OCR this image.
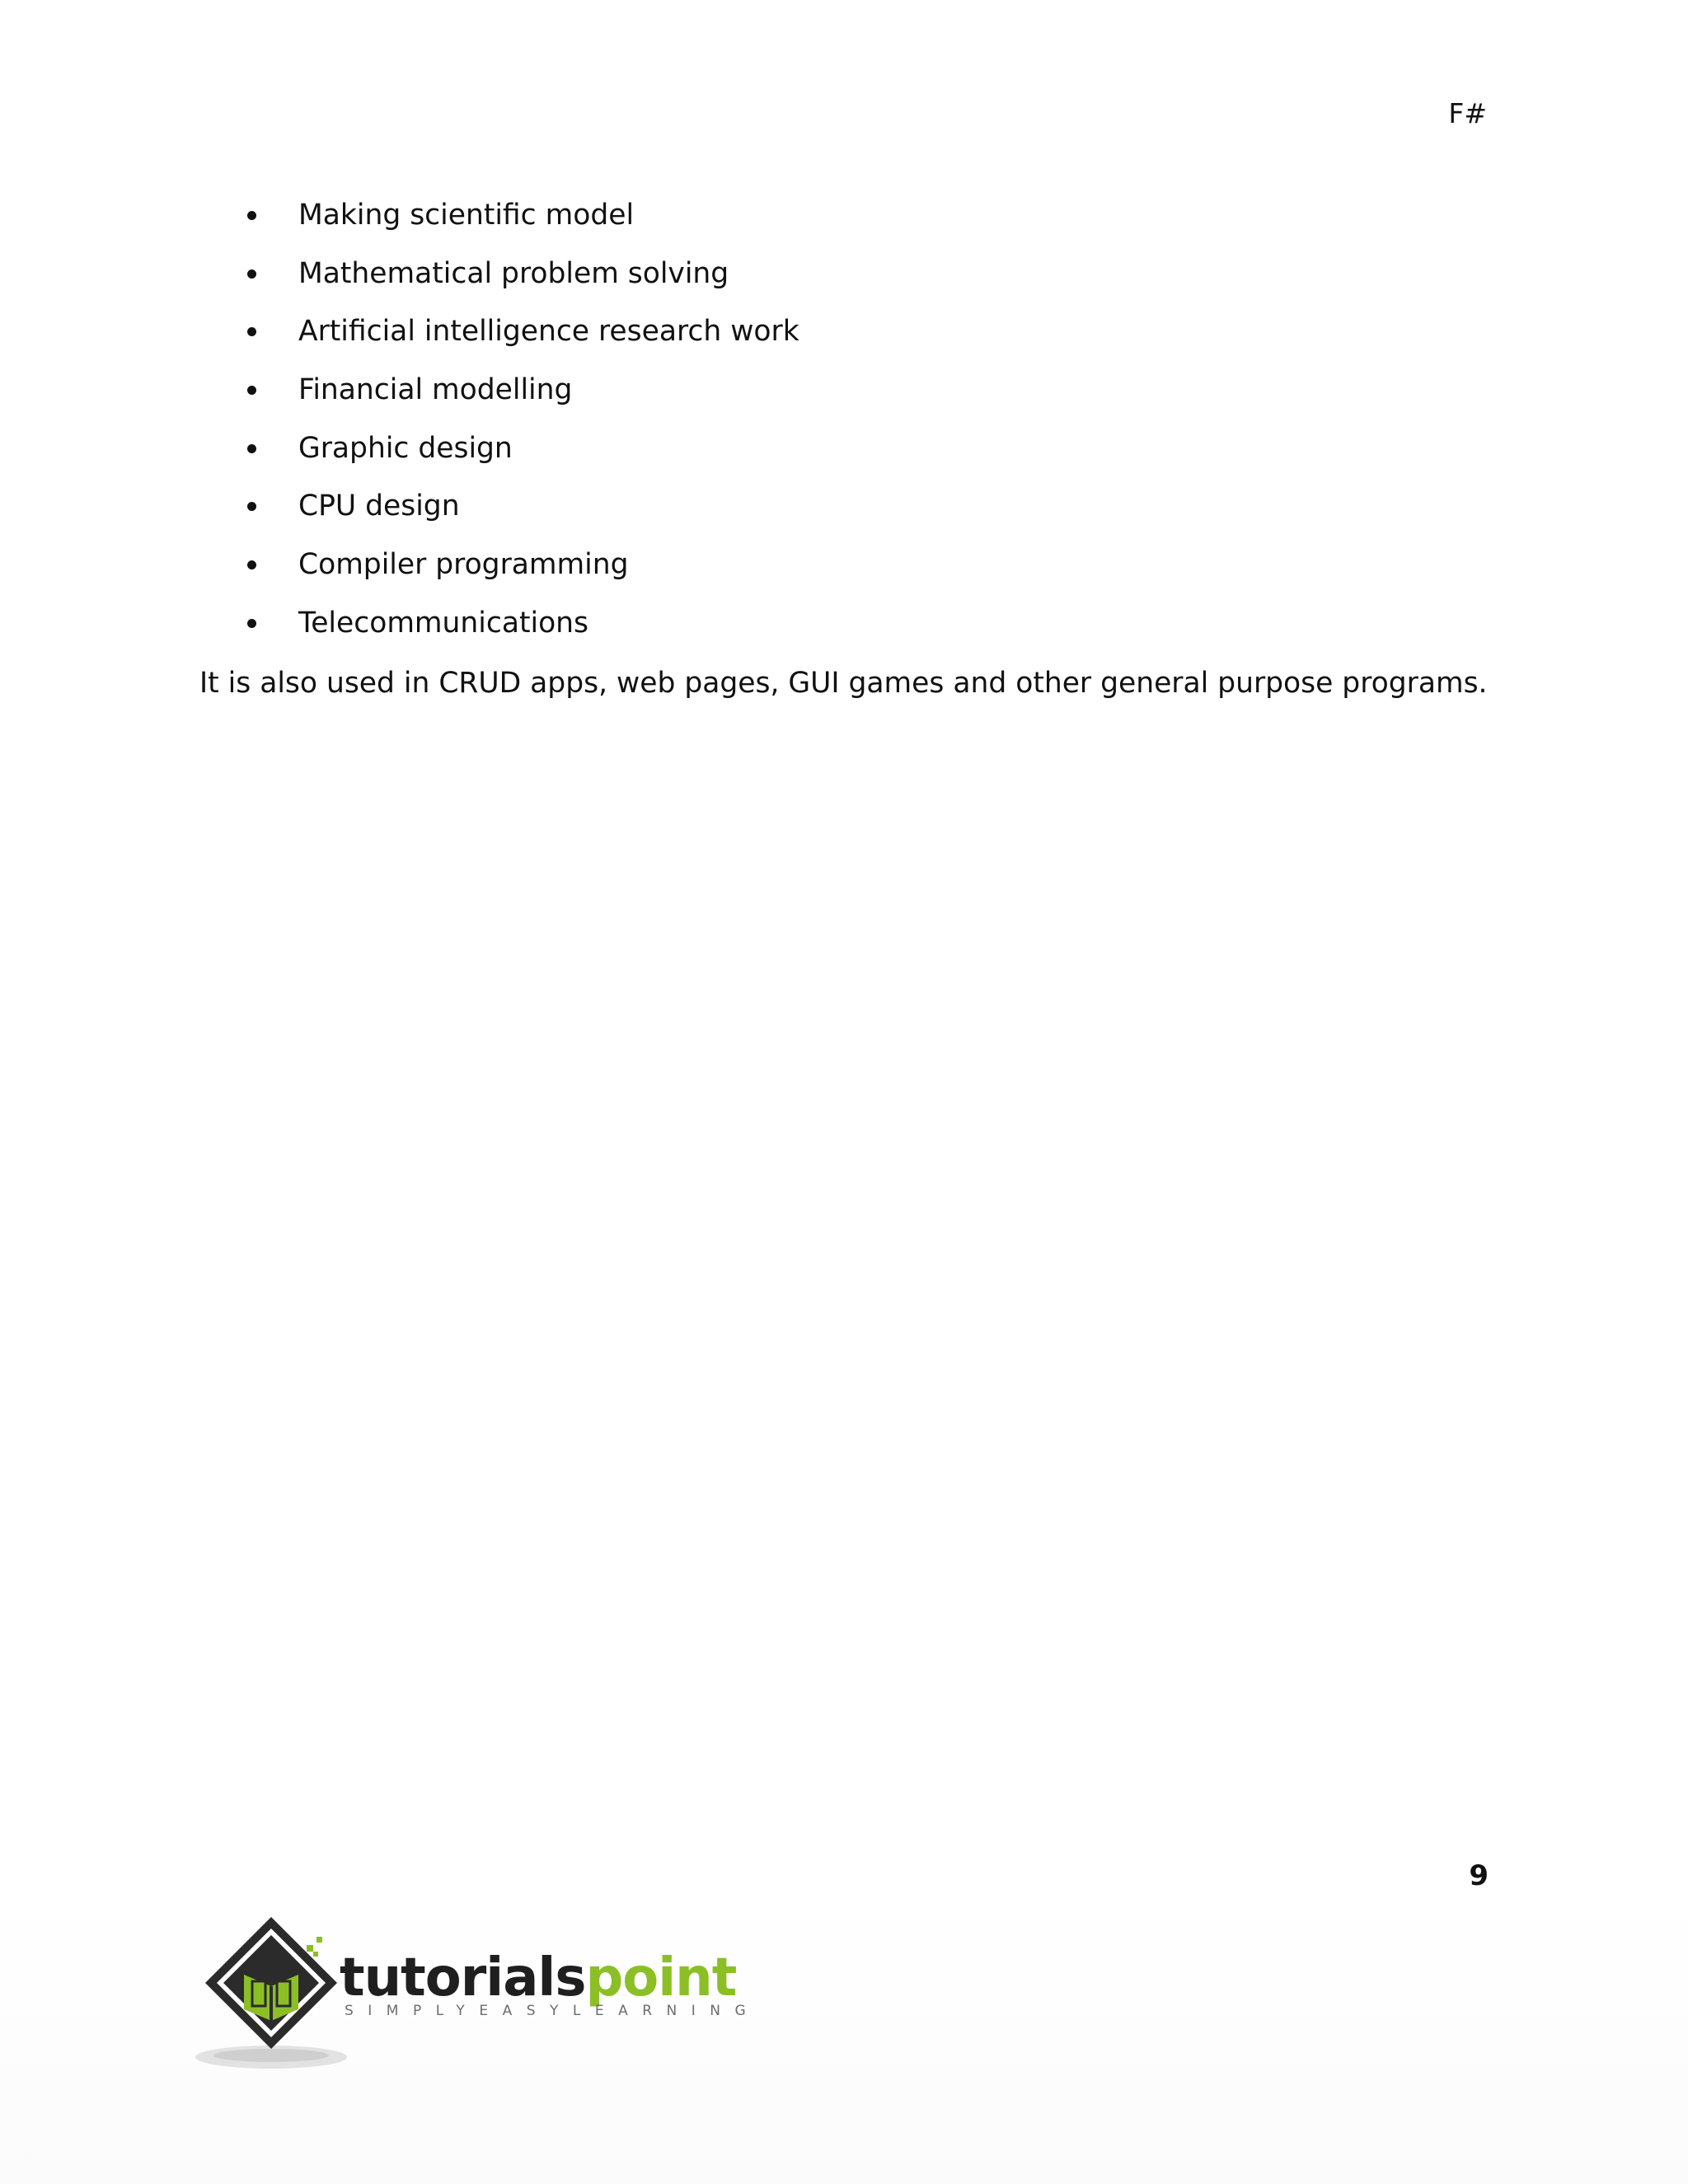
F#
Making scientific model
Mathematical problem solving
Artificial intelligence research work
Financial modelling
Graphic design
CPU design
Compiler programming
Telecommunications

It is also used in CRUD apps, web pages, GUI games and other general purpose programs.

9
tutorialspoint
SIMPLYEASYLEARNING
